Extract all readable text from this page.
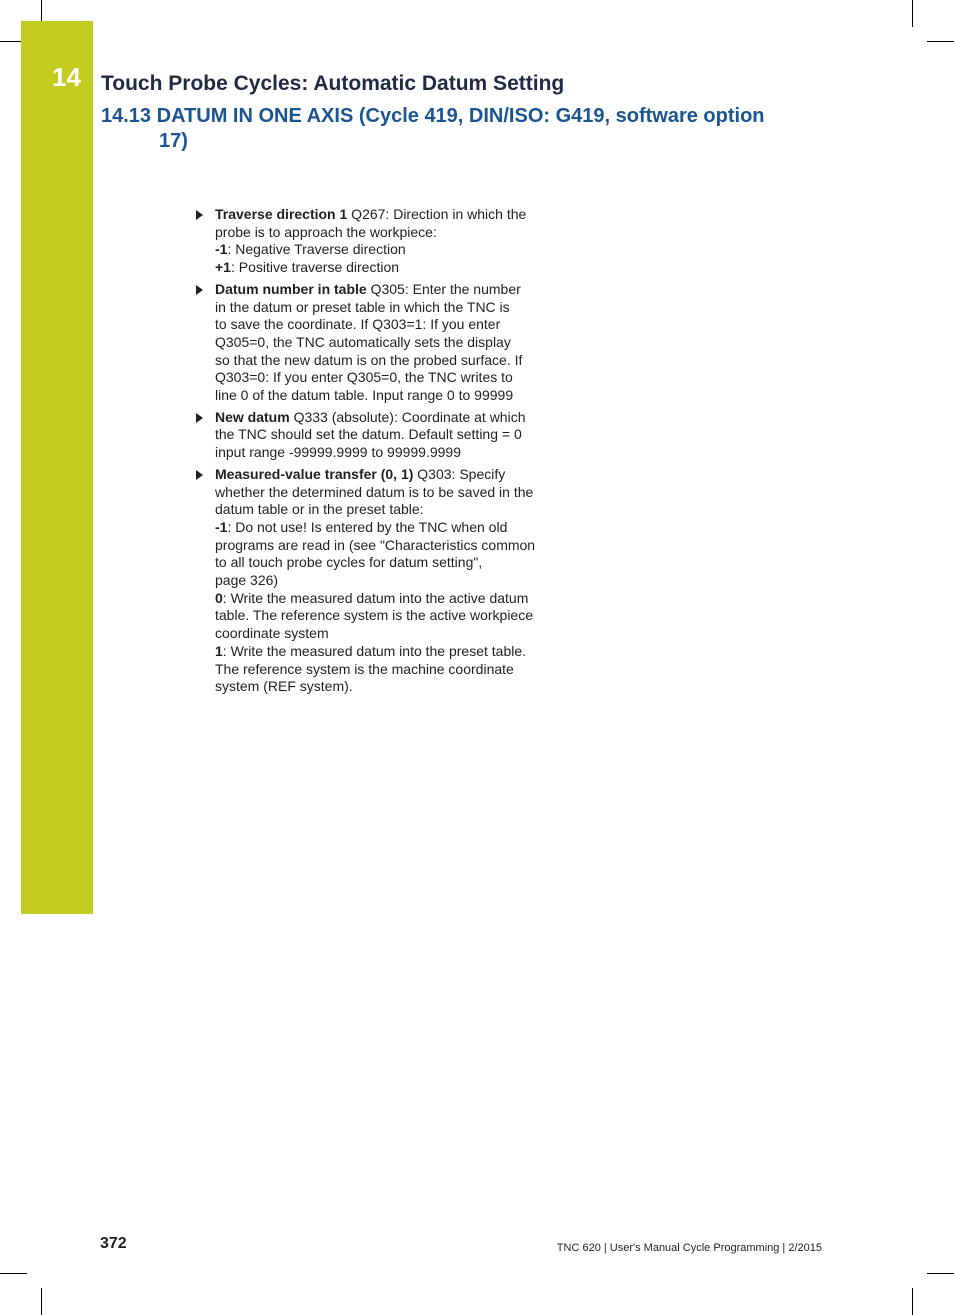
14 Touch Probe Cycles: Automatic Datum Setting
14.13 DATUM IN ONE AXIS (Cycle 419, DIN/ISO: G419, software option
17)
Traverse direction 1 Q267: Direction in which the
probe is to approach the workpiece:
-1: Negative Traverse direction
+1: Positive traverse direction
Datum number in table Q305: Enter the number
in the datum or preset table in which the TNC is
to save the coordinate. If Q303=1: If you enter
Q305=0, the TNC automatically sets the display
so that the new datum is on the probed surface. If
Q303=0: If you enter Q305=0, the TNC writes to
line 0 of the datum table. Input range 0 to 99999
New datum Q333 (absolute): Coordinate at which
the TNC should set the datum. Default setting = 0
input range -99999.9999 to 99999.9999
Measured-value transfer (0, 1) Q303: Specify
whether the determined datum is to be saved in the
datum table or in the preset table:
-1: Do not use! Is entered by the TNC when old
programs are read in (see "Characteristics common
to all touch probe cycles for datum setting",
page 326)
0: Write the measured datum into the active datum
table. The reference system is the active workpiece
coordinate system
1: Write the measured datum into the preset table.
The reference system is the machine coordinate
system (REF system).
372	TNC 620 | User's Manual Cycle Programming | 2/2015
